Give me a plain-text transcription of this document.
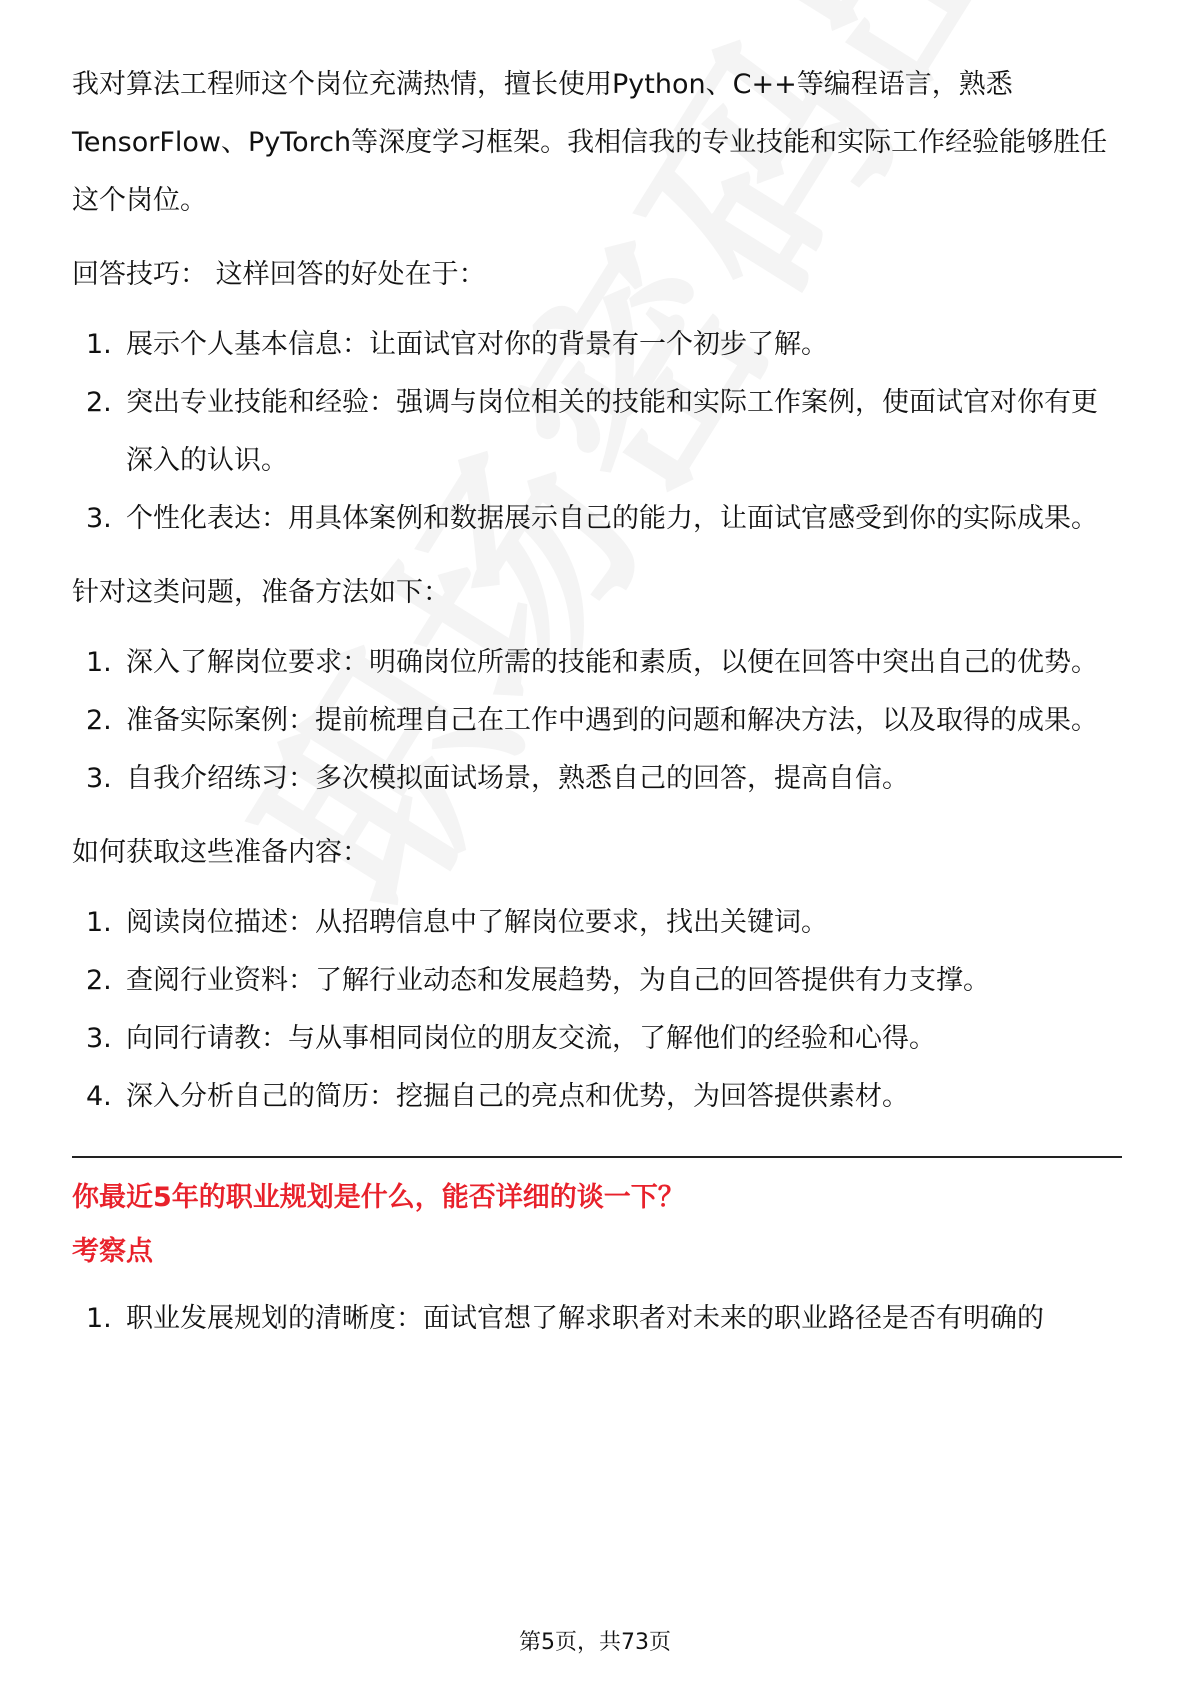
我对算法工程师这个岗位充满热情，擅长使用Python、C++等编程语言，熟悉TensorFlow、PyTorch等深度学习框架。我相信我的专业技能和实际工作经验能够胜任这个岗位。

回答技巧： 这样回答的好处在于：

1. 展示个人基本信息：让面试官对你的背景有一个初步了解。
2. 突出专业技能和经验：强调与岗位相关的技能和实际工作案例，使面试官对你有更深入的认识。
3. 个性化表达：用具体案例和数据展示自己的能力，让面试官感受到你的实际成果。

针对这类问题，准备方法如下：

1. 深入了解岗位要求：明确岗位所需的技能和素质，以便在回答中突出自己的优势。
2. 准备实际案例：提前梳理自己在工作中遇到的问题和解决方法，以及取得的成果。
3. 自我介绍练习：多次模拟面试场景，熟悉自己的回答，提高自信。

如何获取这些准备内容：

1. 阅读岗位描述：从招聘信息中了解岗位要求，找出关键词。
2. 查阅行业资料：了解行业动态和发展趋势，为自己的回答提供有力支撑。
3. 向同行请教：与从事相同岗位的朋友交流，了解他们的经验和心得。
4. 深入分析自己的简历：挖掘自己的亮点和优势，为回答提供素材。

你最近5年的职业规划是什么，能否详细的谈一下？

考察点

1. 职业发展规划的清晰度：面试官想了解求职者对未来的职业路径是否有明确的
第5页，共73页
